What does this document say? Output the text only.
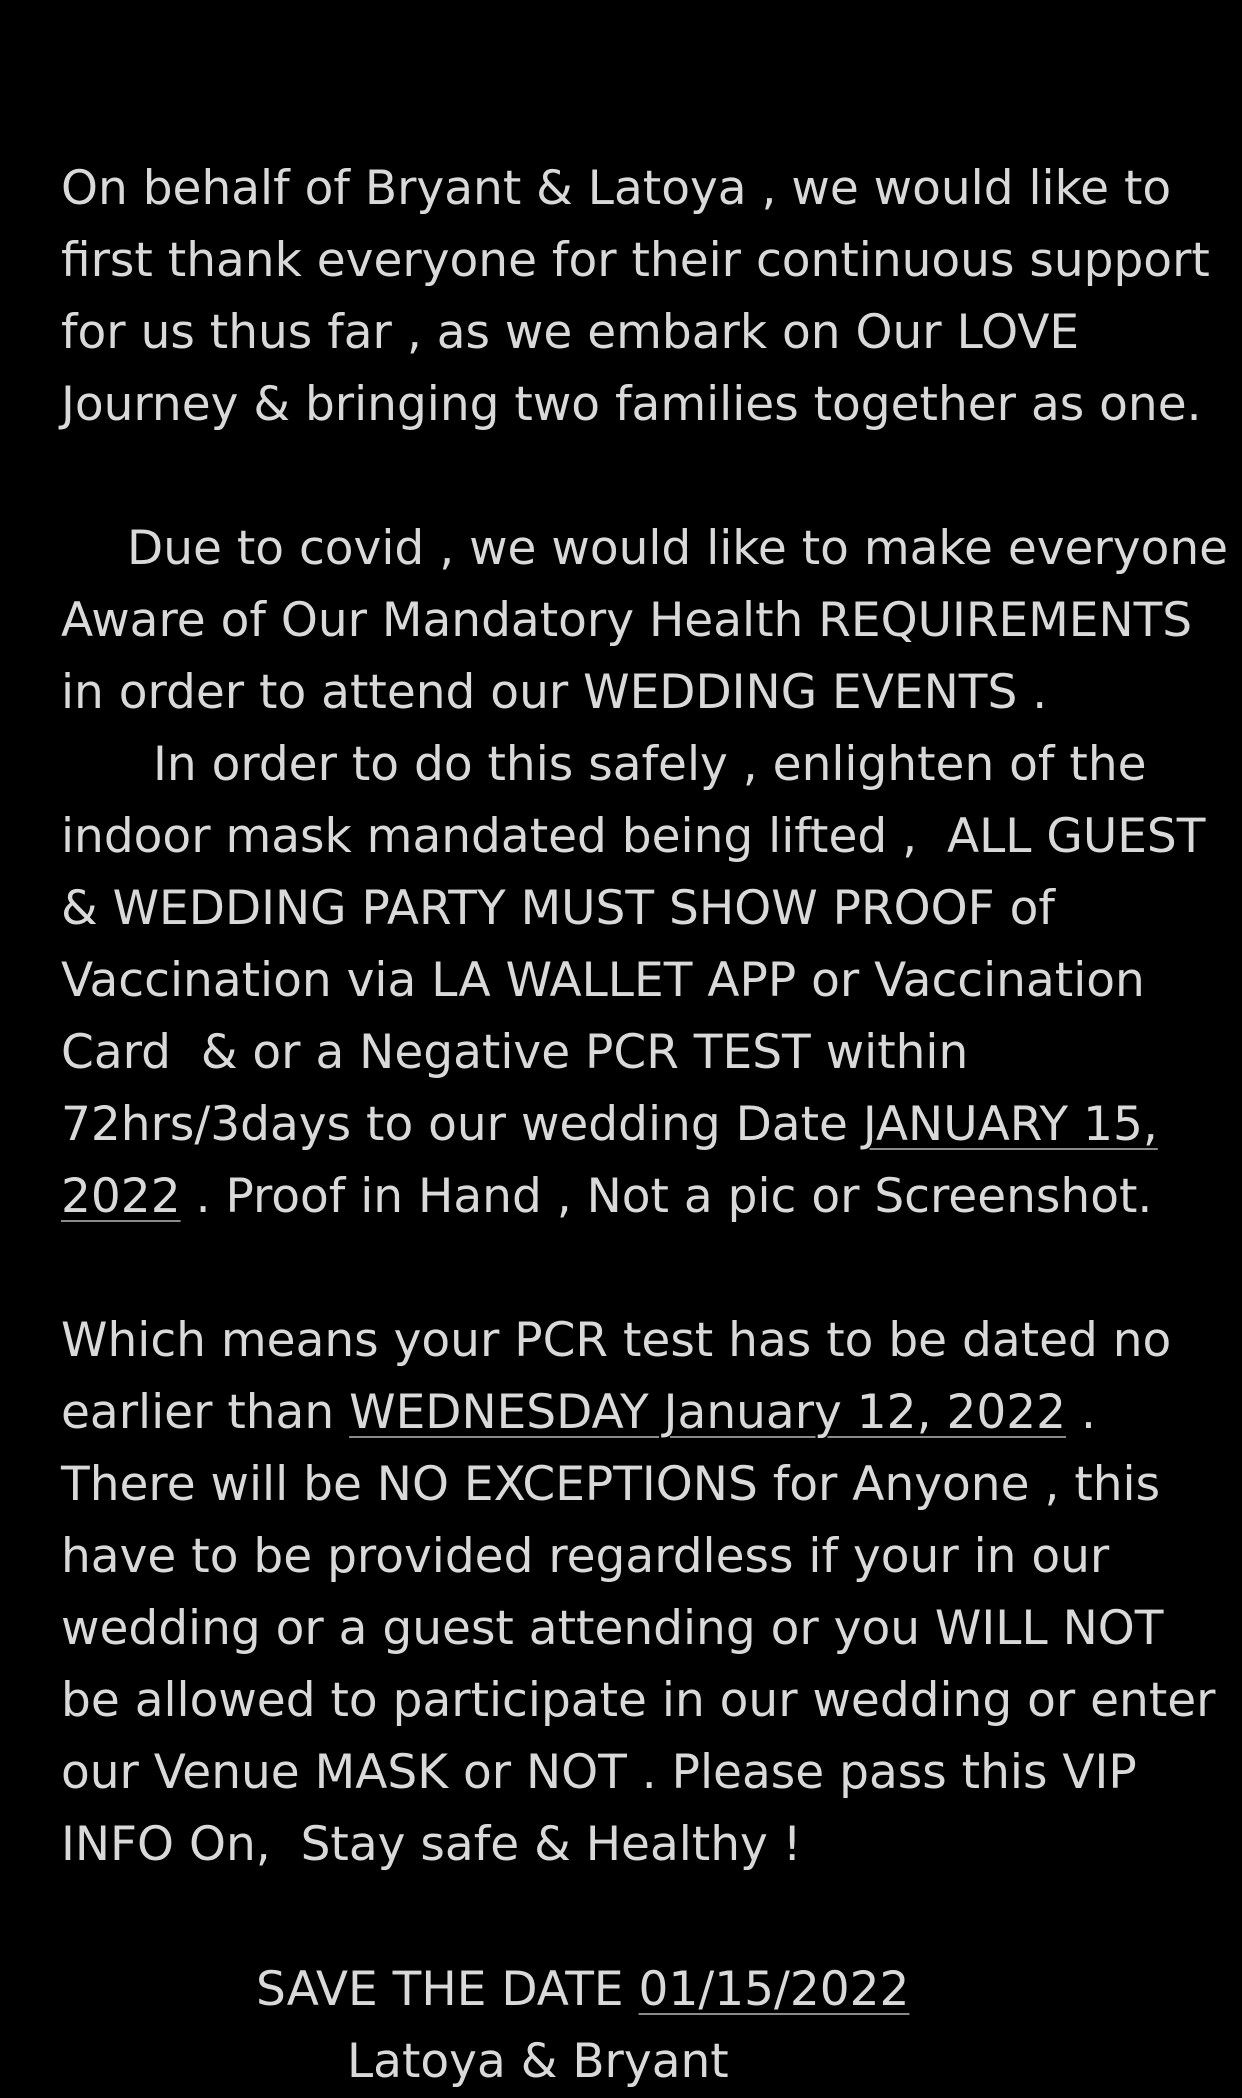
On behalf of Bryant & Latoya , we would like to
first thank everyone for their continuous support
for us thus far , as we embark on Our LOVE
Journey & bringing two families together as one.
Due to covid , we would like to make everyone
Aware of Our Mandatory Health REQUIREMENTS
in order to attend our WEDDING EVENTS .
In order to do this safely , enlighten of the
indoor mask mandated being lifted ,  ALL GUEST
& WEDDING PARTY MUST SHOW PROOF of
Vaccination via LA WALLET APP or Vaccination
Card  & or a Negative PCR TEST within
72hrs/3days to our wedding Date JANUARY 15,
2022 . Proof in Hand , Not a pic or Screenshot.
Which means your PCR test has to be dated no
earlier than WEDNESDAY January 12, 2022 .
There will be NO EXCEPTIONS for Anyone , this
have to be provided regardless if your in our
wedding or a guest attending or you WILL NOT
be allowed to participate in our wedding or enter
our Venue MASK or NOT . Please pass this VIP
INFO On,  Stay safe & Healthy !
SAVE THE DATE 01/15/2022
Latoya & Bryant
